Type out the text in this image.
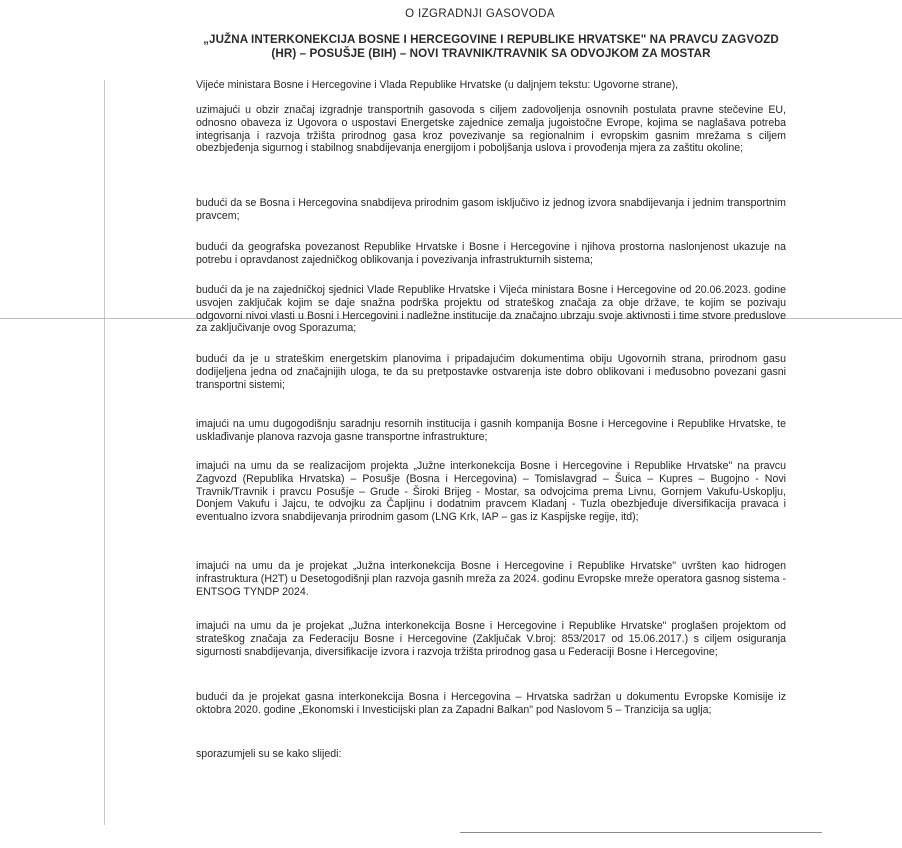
O IZGRADNJI GASOVODA
„JUŽNA INTERKONEKCIJA BOSNE I HERCEGOVINE I REPUBLIKE HRVATSKE" NA PRAVCU ZAGVOZD (HR) – POSUŠJE (BIH) – NOVI TRAVNIK/TRAVNIK SA ODVOJKOM ZA MOSTAR
Vijeće ministara Bosne i Hercegovine i Vlada Republike Hrvatske (u daljnjem tekstu: Ugovorne strane),
uzimajući u obzir značaj izgradnje transportnih gasovoda s ciljem zadovoljenja osnovnih postulata pravne stečevine EU, odnosno obaveza iz Ugovora o uspostavi Energetske zajednice zemalja jugoistočne Evrope, kojima se naglašava potreba integrisanja i razvoja tržišta prirodnog gasa kroz povezivanje sa regionalnim i evropskim gasnim mrežama s ciljem obezbjeđenja sigurnog i stabilnog snabdijevanja energijom i poboljšanja uslova i provođenja mjera za zaštitu okoline;
budući da se Bosna i Hercegovina snabdijeva prirodnim gasom isključivo iz jednog izvora snabdijevanja i jednim transportnim pravcem;
budući da geografska povezanost Republike Hrvatske i Bosne i Hercegovine i njihova prostorna naslonjenost ukazuje na potrebu i opravdanost zajedničkog oblikovanja i povezivanja infrastrukturnih sistema;
budući da je na zajedničkoj sjednici Vlade Republike Hrvatske i Vijeća ministara Bosne i Hercegovine od 20.06.2023. godine usvojen zaključak kojim se daje snažna podrška projektu od strateškog značaja za obje države, te kojim se pozivaju odgovorni nivoi vlasti u Bosni i Hercegovini i nadležne institucije da značajno ubrzaju svoje aktivnosti i time stvore preduslove za zaključivanje ovog Sporazuma;
budući da je u strateškim energetskim planovima i pripadajućim dokumentima obiju Ugovornih strana, prirodnom gasu dodijeljena jedna od značajnijih uloga, te da su pretpostavke ostvarenja iste dobro oblikovani i međusobno povezani gasni transportni sistemi;
imajući na umu dugogodišnju saradnju resornih institucija i gasnih kompanija Bosne i Hercegovine i Republike Hrvatske, te usklađivanje planova razvoja gasne transportne infrastrukture;
imajući na umu da se realizacijom projekta „Južne interkonekcija Bosne i Hercegovine i Republike Hrvatske" na pravcu Zagvozd (Republika Hrvatska) – Posušje (Bosna i Hercegovina) – Tomislavgrad – Šuica – Kupres – Bugojno - Novi Travnik/Travnik i pravcu Posušje – Grude - Široki Brijeg - Mostar, sa odvojcima prema Livnu, Gornjem Vakufu-Uskoplju, Donjem Vakufu i Jajcu, te odvojku za Čapljinu i dodatnim pravcem Kladanj - Tuzla obezbjeđuje diversifikacija pravaca i eventualno izvora snabdijevanja prirodnim gasom (LNG Krk, IAP – gas iz Kaspijske regije, itd);
imajući na umu da je projekat „Južna interkonekcija Bosne i Hercegovine i Republike Hrvatske" uvršten kao hidrogen infrastruktura (H2T) u Desetogodišnji plan razvoja gasnih mreža za 2024. godinu Evropske mreže operatora gasnog sistema - ENTSOG TYNDP 2024.
imajući na umu da je projekat „Južna interkonekcija Bosne i Hercegovine i Republike Hrvatske" proglašen projektom od strateškog značaja za Federaciju Bosne i Hercegovine (Zaključak V.broj: 853/2017 od 15.06.2017.) s ciljem osiguranja sigurnosti snabdijevanja, diversifikacije izvora i razvoja tržišta prirodnog gasa u Federaciji Bosne i Hercegovine;
budući da je projekat gasna interkonekcija Bosna i Hercegovina – Hrvatska sadržan u dokumentu Evropske Komisije iz oktobra 2020. godine „Ekonomski i Investicijski plan za Zapadni Balkan" pod Naslovom 5 – Tranzicija sa uglja;
sporazumjeli su se kako slijedi:
